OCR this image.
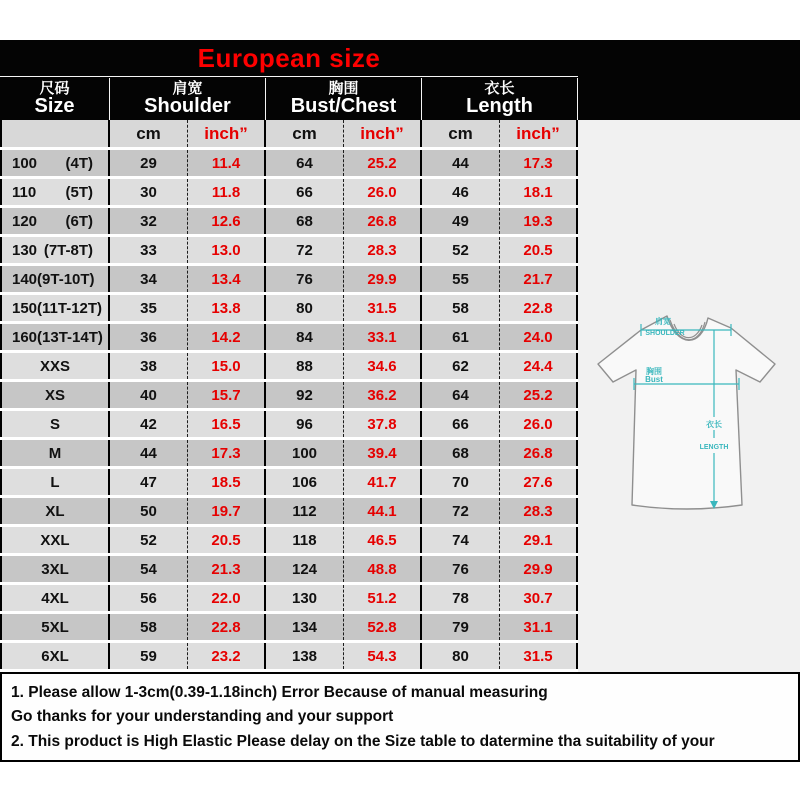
European size
尺码
Size
肩宽
Shoulder
胸围
Bust/Chest
衣长
Length
cm	inch”	cm	inch”	cm	inch”
100 (4T)	29	11.4	64	25.2	44	17.3
110 (5T)	30	11.8	66	26.0	46	18.1
120 (6T)	32	12.6	68	26.8	49	19.3
130 (7T-8T)	33	13.0	72	28.3	52	20.5
140 (9T-10T)	34	13.4	76	29.9	55	21.7
150 (11T-12T)	35	13.8	80	31.5	58	22.8
160 (13T-14T)	36	14.2	84	33.1	61	24.0
XXS	38	15.0	88	34.6	62	24.4
XS	40	15.7	92	36.2	64	25.2
S	42	16.5	96	37.8	66	26.0
M	44	17.3	100	39.4	68	26.8
L	47	18.5	106	41.7	70	27.6
XL	50	19.7	112	44.1	72	28.3
XXL	52	20.5	118	46.5	74	29.1
3XL	54	21.3	124	48.8	76	29.9
4XL	56	22.0	130	51.2	78	30.7
5XL	58	22.8	134	52.8	79	31.1
6XL	59	23.2	138	54.3	80	31.5
肩宽
SHOULDER
胸围
Bust
衣长
LENGTH
1. Please allow 1-3cm(0.39-1.18inch) Error Because of manual measuring
Go thanks for your understanding and your support
2. This product is High Elastic Please delay on the Size table to datermine tha suitability of your
